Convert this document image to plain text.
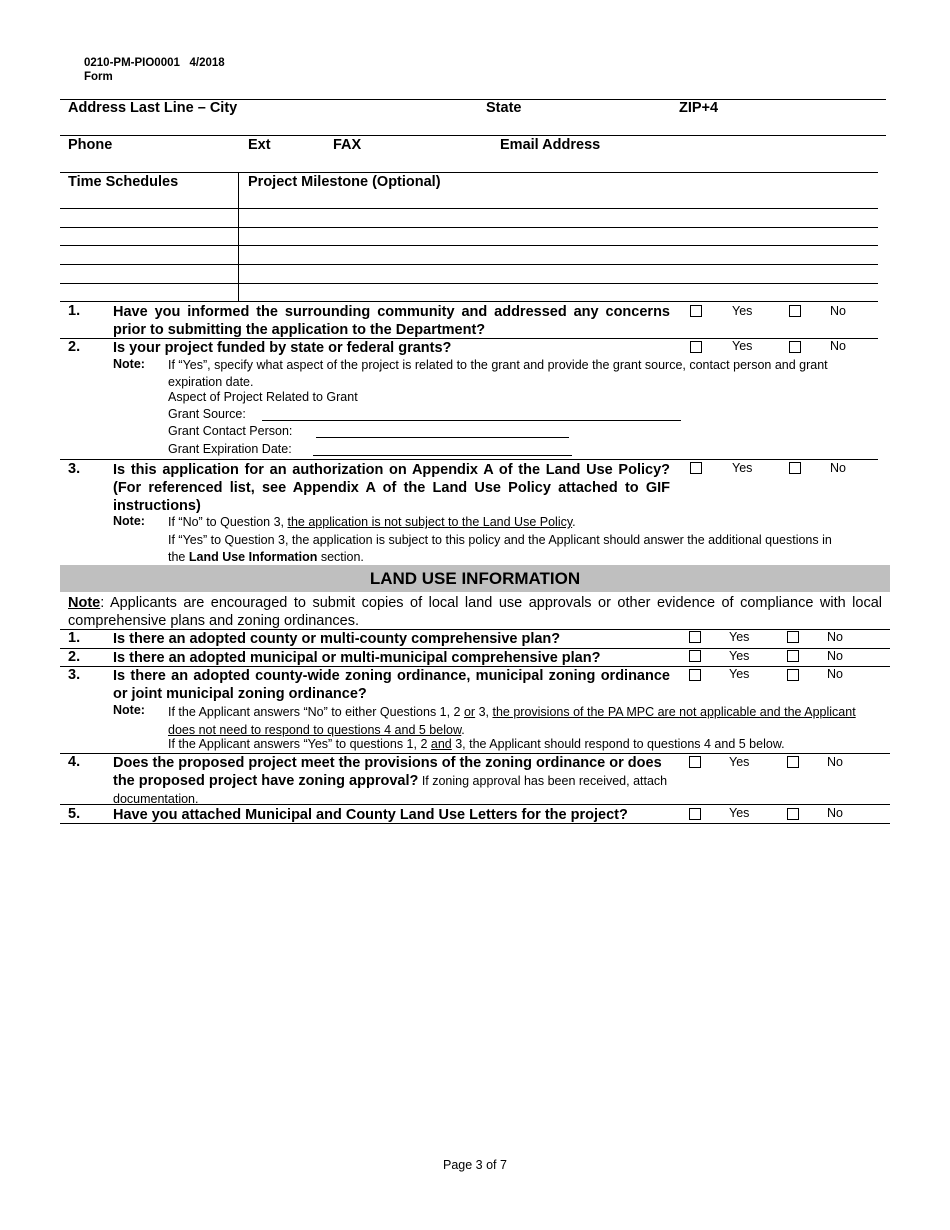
0210-PM-PIO0001 4/2018
Form
Address Last Line – City	State	ZIP+4
Phone	Ext	FAX	Email Address
Time Schedules	Project Milestone (Optional)
1. Have you informed the surrounding community and addressed any concerns prior to submitting the application to the Department?
Yes	No
2. Is your project funded by state or federal grants?	Yes	No
Note: If “Yes”, specify what aspect of the project is related to the grant and provide the grant source, contact person and grant expiration date.
Aspect of Project Related to Grant
Grant Source:
Grant Contact Person:
Grant Expiration Date:
3. Is this application for an authorization on Appendix A of the Land Use Policy? (For referenced list, see Appendix A of the Land Use Policy attached to GIF instructions)
Yes	No
Note: If “No” to Question 3, the application is not subject to the Land Use Policy.
If “Yes” to Question 3, the application is subject to this policy and the Applicant should answer the additional questions in the Land Use Information section.
LAND USE INFORMATION
Note: Applicants are encouraged to submit copies of local land use approvals or other evidence of compliance with local comprehensive plans and zoning ordinances.
1. Is there an adopted county or multi-county comprehensive plan?	Yes	No
2. Is there an adopted municipal or multi-municipal comprehensive plan?	Yes	No
3. Is there an adopted county-wide zoning ordinance, municipal zoning ordinance or joint municipal zoning ordinance?
Yes	No
Note: If the Applicant answers “No” to either Questions 1, 2 or 3, the provisions of the PA MPC are not applicable and the Applicant does not need to respond to questions 4 and 5 below.
If the Applicant answers “Yes” to questions 1, 2 and 3, the Applicant should respond to questions 4 and 5 below.
4. Does the proposed project meet the provisions of the zoning ordinance or does the proposed project have zoning approval? If zoning approval has been received, attach documentation.
Yes	No
5. Have you attached Municipal and County Land Use Letters for the project?	Yes	No
Page 3 of 7
